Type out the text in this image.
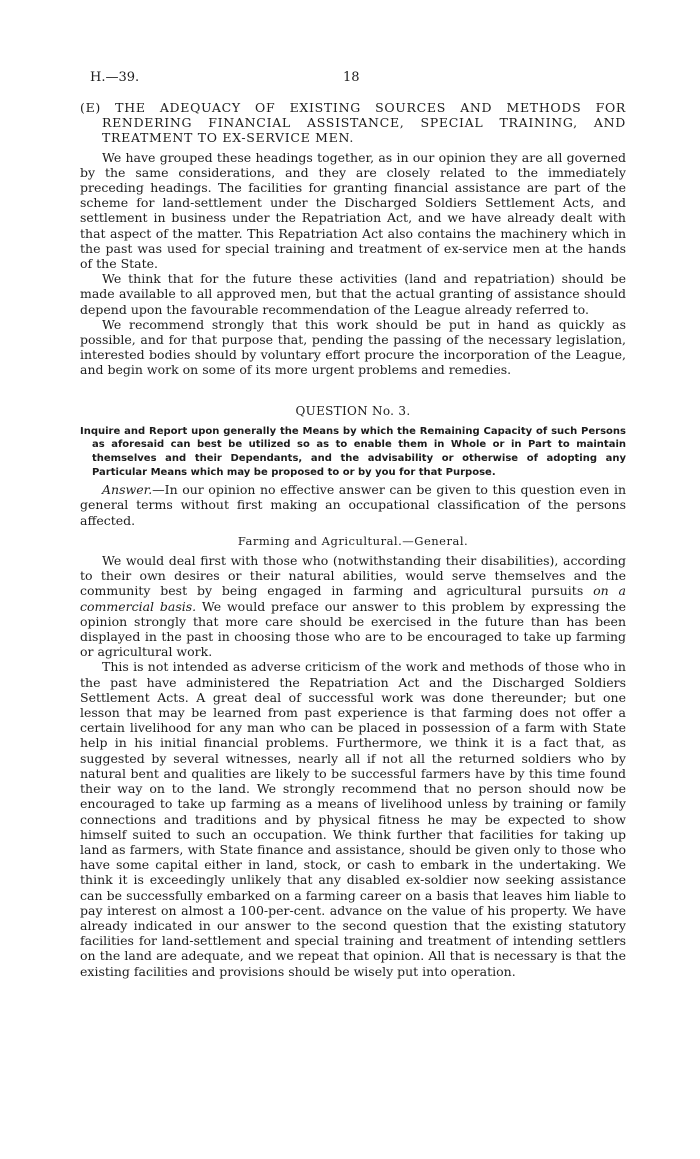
H.—39.	18

(E) THE ADEQUACY OF EXISTING SOURCES AND METHODS FOR RENDERING FINANCIAL ASSISTANCE, SPECIAL TRAINING, AND TREATMENT TO EX-SERVICE MEN.

We have grouped these headings together, as in our opinion they are all governed by the same considerations, and they are closely related to the immediately preceding headings. The facilities for granting financial assistance are part of the scheme for land-settlement under the Discharged Soldiers Settlement Acts, and settlement in business under the Repatriation Act, and we have already dealt with that aspect of the matter. This Repatriation Act also contains the machinery which in the past was used for special training and treatment of ex-service men at the hands of the State.

We think that for the future these activities (land and repatriation) should be made available to all approved men, but that the actual granting of assistance should depend upon the favourable recommendation of the League already referred to.

We recommend strongly that this work should be put in hand as quickly as possible, and for that purpose that, pending the passing of the necessary legislation, interested bodies should by voluntary effort procure the incorporation of the League, and begin work on some of its more urgent problems and remedies.

QUESTION No. 3.

Inquire and Report upon generally the Means by which the Remaining Capacity of such Persons as aforesaid can best be utilized so as to enable them in Whole or in Part to maintain themselves and their Dependants, and the advisability or otherwise of adopting any Particular Means which may be proposed to or by you for that Purpose.

Answer.—In our opinion no effective answer can be given to this question even in general terms without first making an occupational classification of the persons affected.

Farming and Agricultural.—General.

We would deal first with those who (notwithstanding their disabilities), according to their own desires or their natural abilities, would serve themselves and the community best by being engaged in farming and agricultural pursuits on a commercial basis. We would preface our answer to this problem by expressing the opinion strongly that more care should be exercised in the future than has been displayed in the past in choosing those who are to be encouraged to take up farming or agricultural work.

This is not intended as adverse criticism of the work and methods of those who in the past have administered the Repatriation Act and the Discharged Soldiers Settlement Acts. A great deal of successful work was done thereunder; but one lesson that may be learned from past experience is that farming does not offer a certain livelihood for any man who can be placed in possession of a farm with State help in his initial financial problems. Furthermore, we think it is a fact that, as suggested by several witnesses, nearly all if not all the returned soldiers who by natural bent and qualities are likely to be successful farmers have by this time found their way on to the land. We strongly recommend that no person should now be encouraged to take up farming as a means of livelihood unless by training or family connections and traditions and by physical fitness he may be expected to show himself suited to such an occupation. We think further that facilities for taking up land as farmers, with State finance and assistance, should be given only to those who have some capital either in land, stock, or cash to embark in the undertaking. We think it is exceedingly unlikely that any disabled ex-soldier now seeking assistance can be successfully embarked on a farming career on a basis that leaves him liable to pay interest on almost a 100-per-cent. advance on the value of his property. We have already indicated in our answer to the second question that the existing statutory facilities for land-settlement and special training and treatment of intending settlers on the land are adequate, and we repeat that opinion. All that is necessary is that the existing facilities and provisions should be wisely put into operation.
